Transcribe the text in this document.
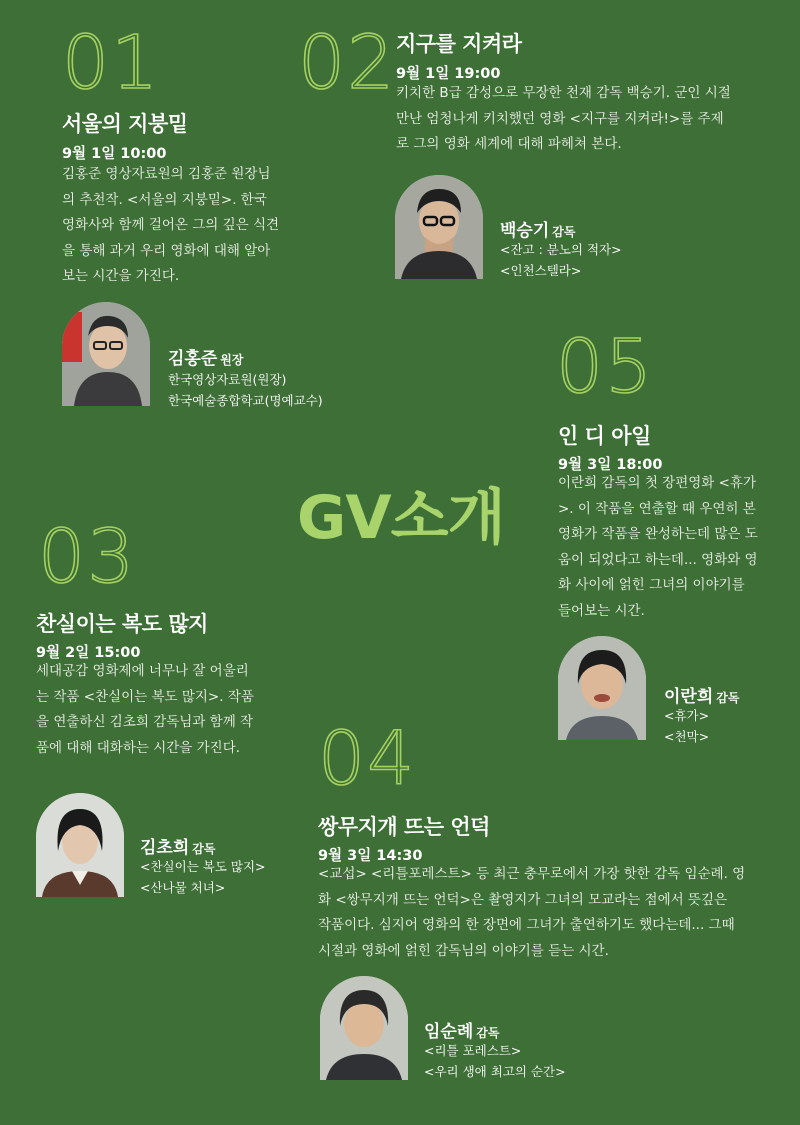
GV소개
01
서울의 지붕밑
9월 1일 10:00
김홍준 영상자료원의 김홍준 원장님의 추천작. <서울의 지붕밑>. 한국 영화사와 함께 걸어온 그의 깊은 식견을 통해 과거 우리 영화에 대해 알아보는 시간을 가진다.
김홍준 원장
한국영상자료원(원장)
한국예술종합학교(명예교수)
02 지구를 지켜라
9월 1일 19:00
키치한 B급 감성으로 무장한 천재 감독 백승기. 군인 시절 만난 엄청나게 키치했던 영화 <지구를 지켜라!>를 주제로 그의 영화 세계에 대해 파헤쳐 본다.
백승기 감독
<잔고 : 분노의 적자>
<인천스텔라>
05
인 디 아일
9월 3일 18:00
이란희 감독의 첫 장편영화 <휴가>. 이 작품을 연출할 때 우연히 본 영화가 작품을 완성하는데 많은 도움이 되었다고 하는데... 영화와 영화 사이에 얽힌 그녀의 이야기를 들어보는 시간.
이란희 감독
<휴가>
<천막>
03
찬실이는 복도 많지
9월 2일 15:00
세대공감 영화제에 너무나 잘 어울리는 작품 <찬실이는 복도 많지>. 작품을 연출하신 김초희 감독님과 함께 작품에 대해 대화하는 시간을 가진다.
김초희 감독
<찬실이는 복도 많지>
<산나물 처녀>
04
쌍무지개 뜨는 언덕
9월 3일 14:30
<교섭> <리틀포레스트> 등 최근 충무로에서 가장 핫한 감독 임순례. 영
화 <쌍무지개 뜨는 언덕>은 촬영지가 그녀의 모교라는 점에서 뜻깊은
작품이다. 심지어 영화의 한 장면에 그녀가 출연하기도 했다는데... 그때
시절과 영화에 얽힌 감독님의 이야기를 듣는 시간.
임순례 감독
<리틀 포레스트>
<우리 생애 최고의 순간>
